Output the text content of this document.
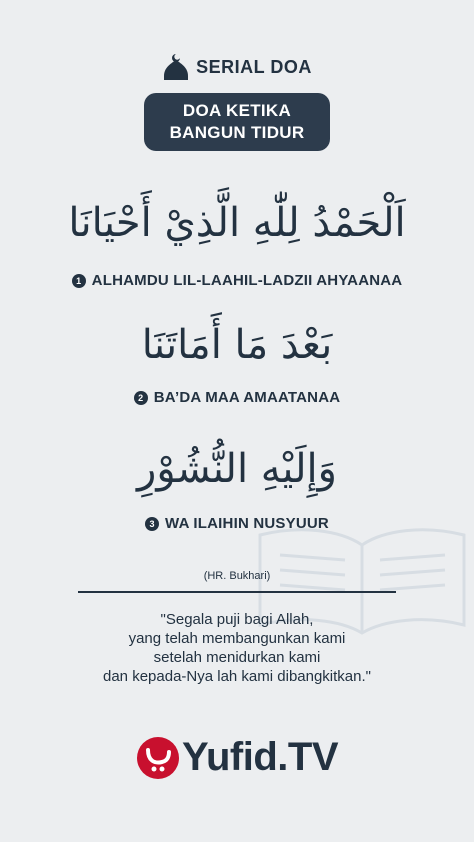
SERIAL DOA
DOA KETIKA
BANGUN TIDUR
اَلْحَمْدُ لِلّٰهِ الَّذِيْ أَحْيَانَا
1 ALHAMDU LIL-LAAHIL-LADZII AHYAANAA
بَعْدَ مَا أَمَاتَنَا
2 BA’DA MAA AMAATANAA
وَإِلَيْهِ النُّشُوْرِ
3 WA ILAIHIN NUSYUUR
(HR. Bukhari)
"Segala puji bagi Allah,
yang telah membangunkan kami
setelah menidurkan kami
dan kepada-Nya lah kami dibangkitkan."
Yufid.TV
